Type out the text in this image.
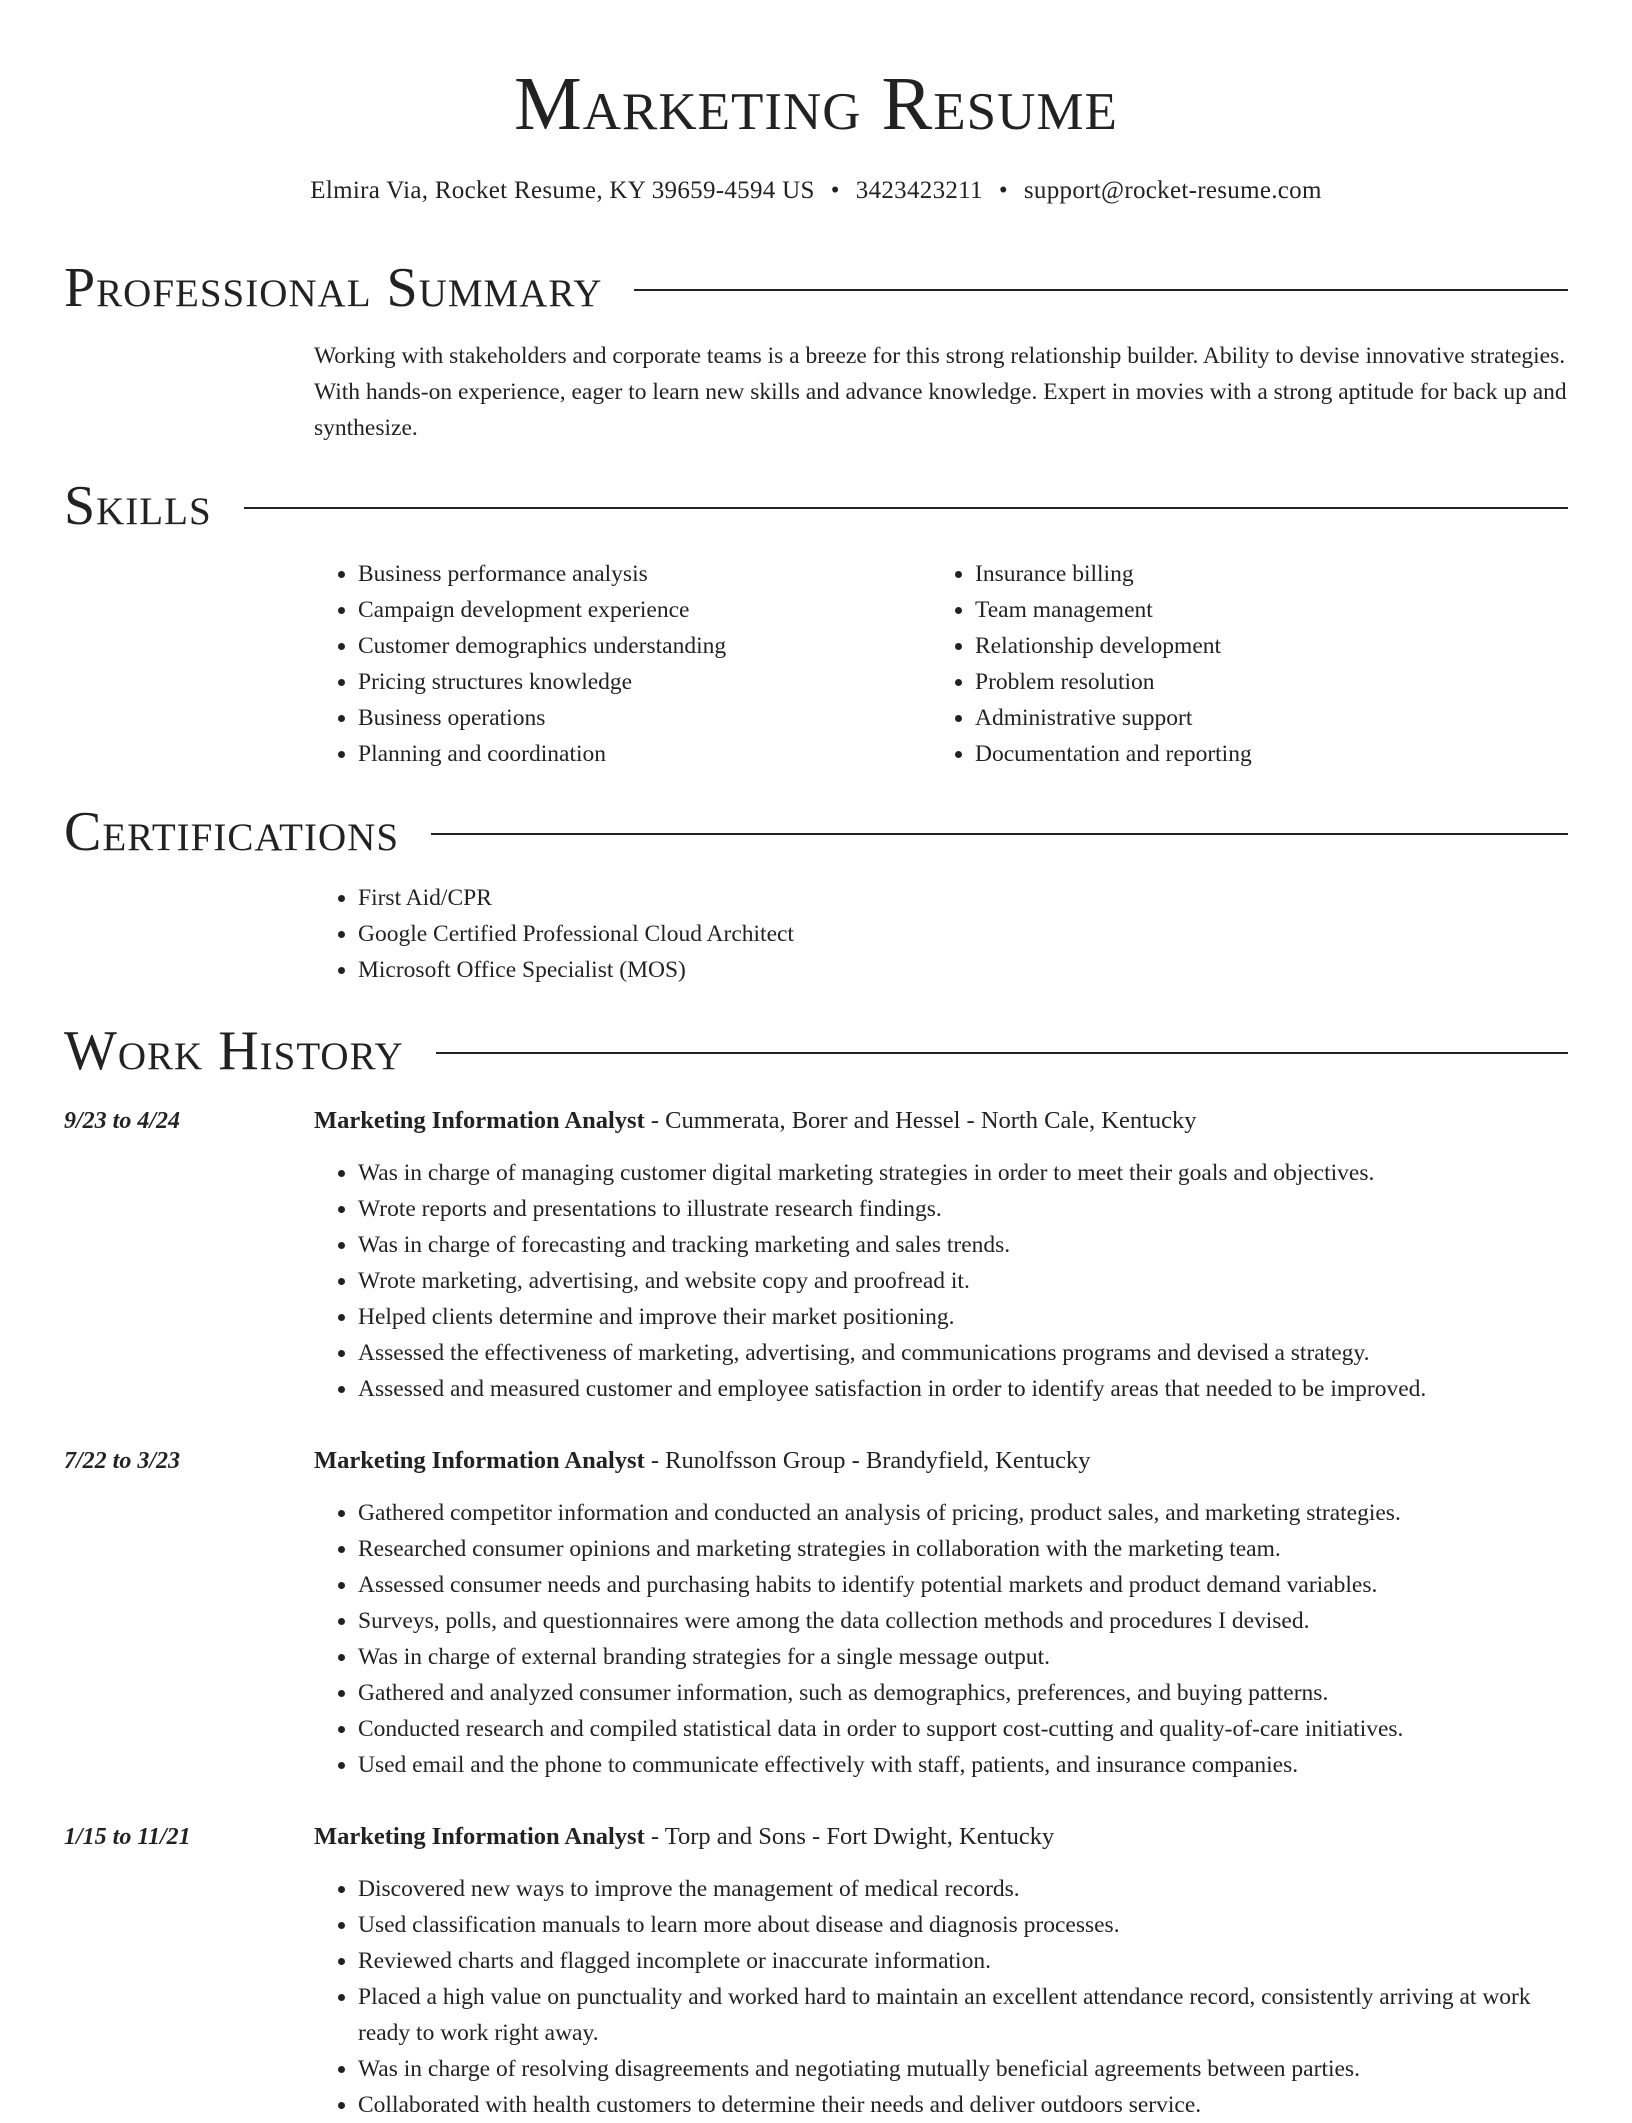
Marketing Resume
Elmira Via, Rocket Resume, KY 39659-4594 US • 3423423211 • support@rocket-resume.com
Professional Summary
Working with stakeholders and corporate teams is a breeze for this strong relationship builder. Ability to devise innovative strategies. With hands-on experience, eager to learn new skills and advance knowledge. Expert in movies with a strong aptitude for back up and synthesize.
Skills
• Business performance analysis
• Campaign development experience
• Customer demographics understanding
• Pricing structures knowledge
• Business operations
• Planning and coordination
• Insurance billing
• Team management
• Relationship development
• Problem resolution
• Administrative support
• Documentation and reporting
Certifications
• First Aid/CPR
• Google Certified Professional Cloud Architect
• Microsoft Office Specialist (MOS)
Work History
9/23 to 4/24	Marketing Information Analyst - Cummerata, Borer and Hessel - North Cale, Kentucky
• Was in charge of managing customer digital marketing strategies in order to meet their goals and objectives.
• Wrote reports and presentations to illustrate research findings.
• Was in charge of forecasting and tracking marketing and sales trends.
• Wrote marketing, advertising, and website copy and proofread it.
• Helped clients determine and improve their market positioning.
• Assessed the effectiveness of marketing, advertising, and communications programs and devised a strategy.
• Assessed and measured customer and employee satisfaction in order to identify areas that needed to be improved.
7/22 to 3/23	Marketing Information Analyst - Runolfsson Group - Brandyfield, Kentucky
• Gathered competitor information and conducted an analysis of pricing, product sales, and marketing strategies.
• Researched consumer opinions and marketing strategies in collaboration with the marketing team.
• Assessed consumer needs and purchasing habits to identify potential markets and product demand variables.
• Surveys, polls, and questionnaires were among the data collection methods and procedures I devised.
• Was in charge of external branding strategies for a single message output.
• Gathered and analyzed consumer information, such as demographics, preferences, and buying patterns.
• Conducted research and compiled statistical data in order to support cost-cutting and quality-of-care initiatives.
• Used email and the phone to communicate effectively with staff, patients, and insurance companies.
1/15 to 11/21	Marketing Information Analyst - Torp and Sons - Fort Dwight, Kentucky
• Discovered new ways to improve the management of medical records.
• Used classification manuals to learn more about disease and diagnosis processes.
• Reviewed charts and flagged incomplete or inaccurate information.
• Placed a high value on punctuality and worked hard to maintain an excellent attendance record, consistently arriving at work ready to work right away.
• Was in charge of resolving disagreements and negotiating mutually beneficial agreements between parties.
• Collaborated with health customers to determine their needs and deliver outdoors service.
